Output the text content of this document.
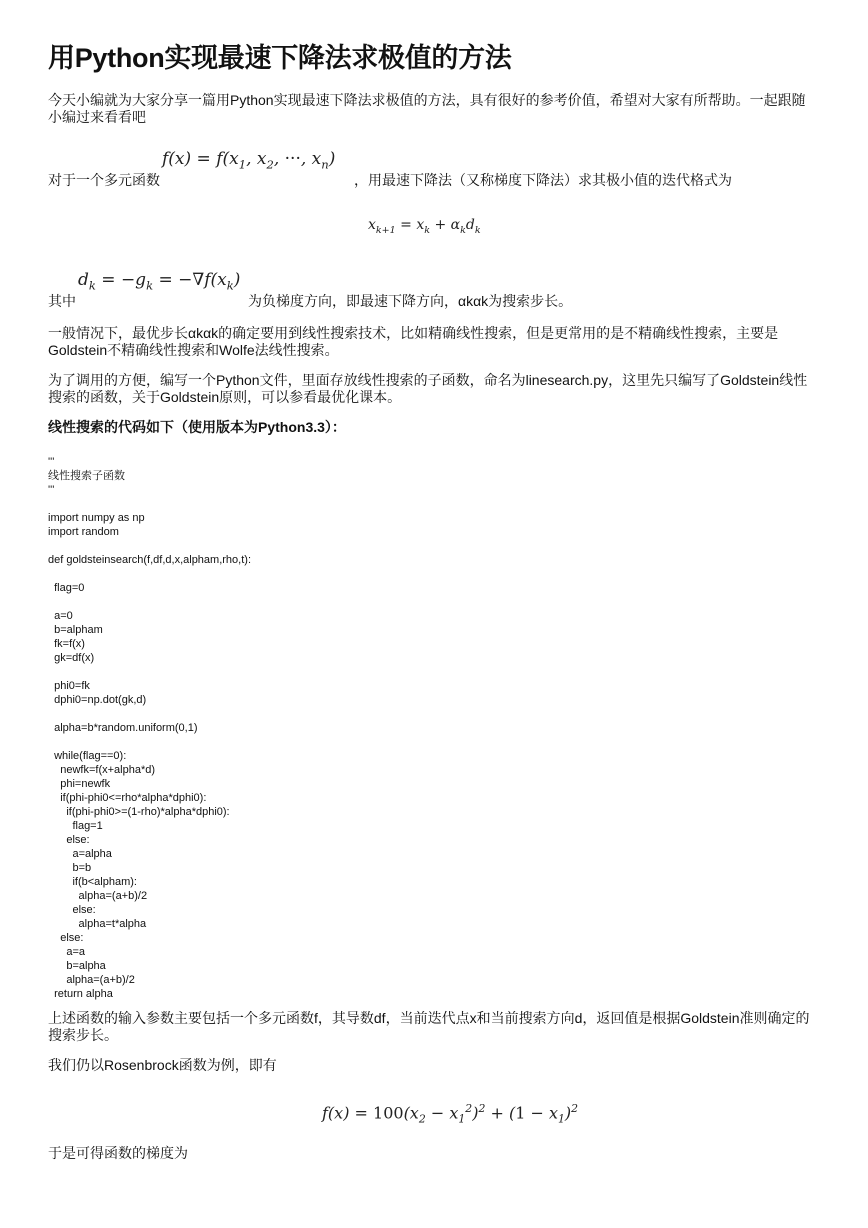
用Python实现最速下降法求极值的方法

今天小编就为大家分享一篇用Python实现最速下降法求极值的方法，具有很好的参考价值，希望对大家有所帮助。一起跟随小编过来看看吧

对于一个多元函数
$f(x) = f(x_1$, $x_2$, ···, $x_n$)
，用最速下降法（又称梯度下降法）求其极小值的迭代格式为
$x_{k+1} = x_k + \alpha_kd_k$
其中
$d_k = -g_k = -\nabla f(x_k)$
为负梯度方向，即最速下降方向，αkαk为搜索步长。

一般情况下，最优步长αkαk的确定要用到线性搜索技术，比如精确线性搜索，但是更常用的是不精确线性搜索，主要是Goldstein不精确线性搜索和Wolfe法线性搜索。

为了调用的方便，编写一个Python文件，里面存放线性搜索的子函数，命名为linesearch.py，这里先只编写了Goldstein线性搜索的函数，关于Goldstein原则，可以参看最优化课本。

线性搜索的代码如下（使用版本为Python3.3）：

'''
线性搜索子函数
'''

import numpy as np
import random

def goldsteinsearch(f,df,d,x,alpham,rho,t):

flag=0

a=0
b=alpham
fk=f(x)
gk=df(x)

phi0=fk
dphi0=np.dot(gk,d)

alpha=b*random.uniform(0,1)

while(flag==0):
newfk=f(x+alpha*d)
phi=newfk
if(phi-phi0<=rho*alpha*dphi0):
if(phi-phi0>=(1-rho)*alpha*dphi0):
flag=1
else:
a=alpha
b=b
if(b<alpham):
alpha=(a+b)/2
else:
alpha=t*alpha
else:
a=a
b=alpha
alpha=(a+b)/2
return alpha

上述函数的输入参数主要包括一个多元函数f，其导数df，当前迭代点x和当前搜索方向d，返回值是根据Goldstein准则确定的搜索步长。

我们仍以Rosenbrock函数为例，即有

$f(x) = 100(x_2 - x_1^2)^2 + (1 - x_1)^2$

于是可得函数的梯度为
